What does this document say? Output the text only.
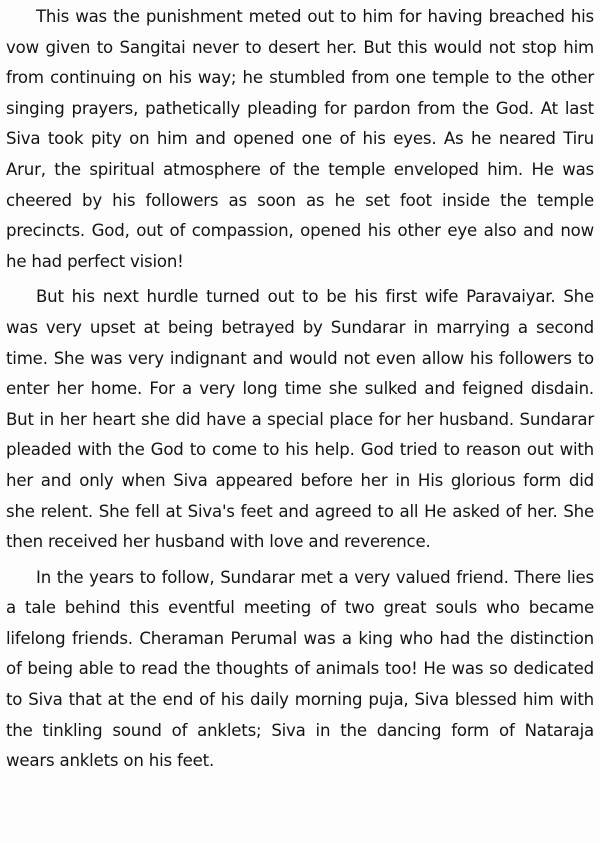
This was the punishment meted out to him for having breached his vow given to Sangitai never to desert her. But this would not stop him from continuing on his way; he stumbled from one temple to the other singing prayers, pathetically pleading for pardon from the God. At last Siva took pity on him and opened one of his eyes. As he neared Tiru Arur, the spiritual atmosphere of the temple enveloped him. He was cheered by his followers as soon as he set foot inside the temple precincts. God, out of compassion, opened his other eye also and now he had perfect vision!

But his next hurdle turned out to be his first wife Paravaiyar. She was very upset at being betrayed by Sundarar in marrying a second time. She was very indignant and would not even allow his followers to enter her home. For a very long time she sulked and feigned disdain. But in her heart she did have a special place for her husband. Sundarar pleaded with the God to come to his help. God tried to reason out with her and only when Siva appeared before her in His glorious form did she relent. She fell at Siva's feet and agreed to all He asked of her. She then received her husband with love and reverence.

In the years to follow, Sundarar met a very valued friend. There lies a tale behind this eventful meeting of two great souls who became lifelong friends. Cheraman Perumal was a king who had the distinction of being able to read the thoughts of animals too! He was so dedicated to Siva that at the end of his daily morning puja, Siva blessed him with the tinkling sound of anklets; Siva in the dancing form of Nataraja wears anklets on his feet.
